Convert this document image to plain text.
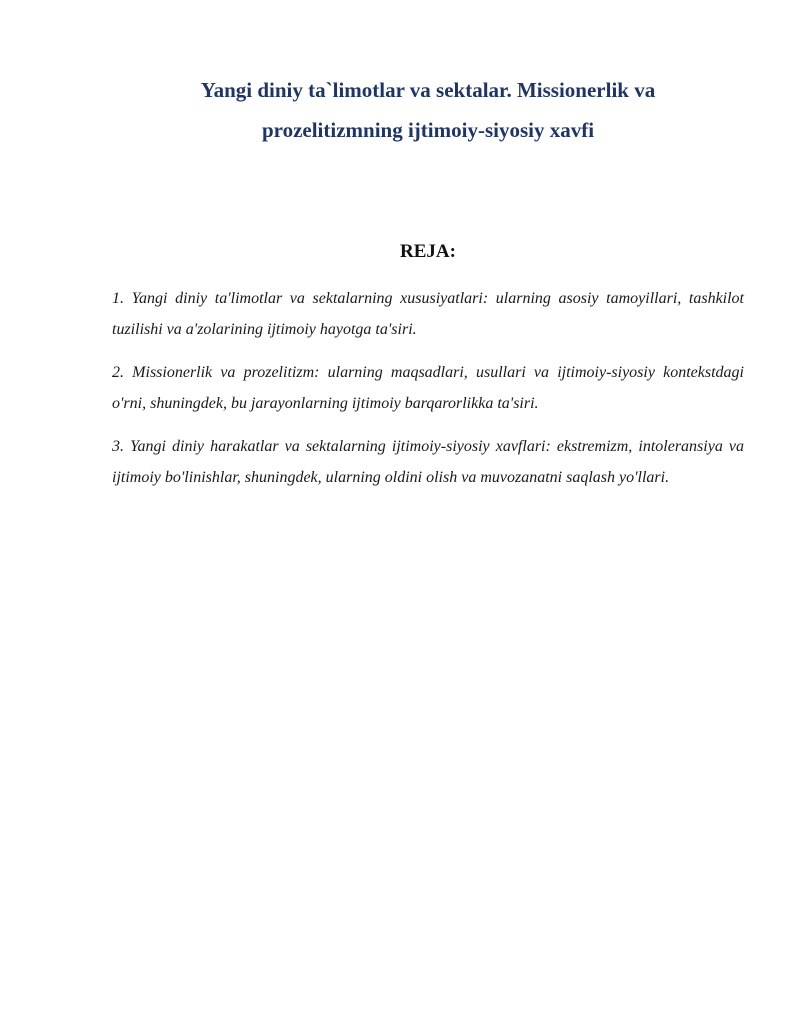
Yangi diniy ta`limotlar va sektalar. Missionerlik va
prozelitizmning ijtimoiy-siyosiy xavfi
REJA:
1. Yangi diniy ta'limotlar va sektalarning xususiyatlari: ularning asosiy tamoyillari, tashkilot tuzilishi va a'zolarining ijtimoiy hayotga ta'siri.
2. Missionerlik va prozelitizm: ularning maqsadlari, usullari va ijtimoiy-siyosiy kontekstdagi o'rni, shuningdek, bu jarayonlarning ijtimoiy barqarorlikka ta'siri.
3. Yangi diniy harakatlar va sektalarning ijtimoiy-siyosiy xavflari: ekstremizm, intoleransiya va ijtimoiy bo'linishlar, shuningdek, ularning oldini olish va muvozanatni saqlash yo'llari.
